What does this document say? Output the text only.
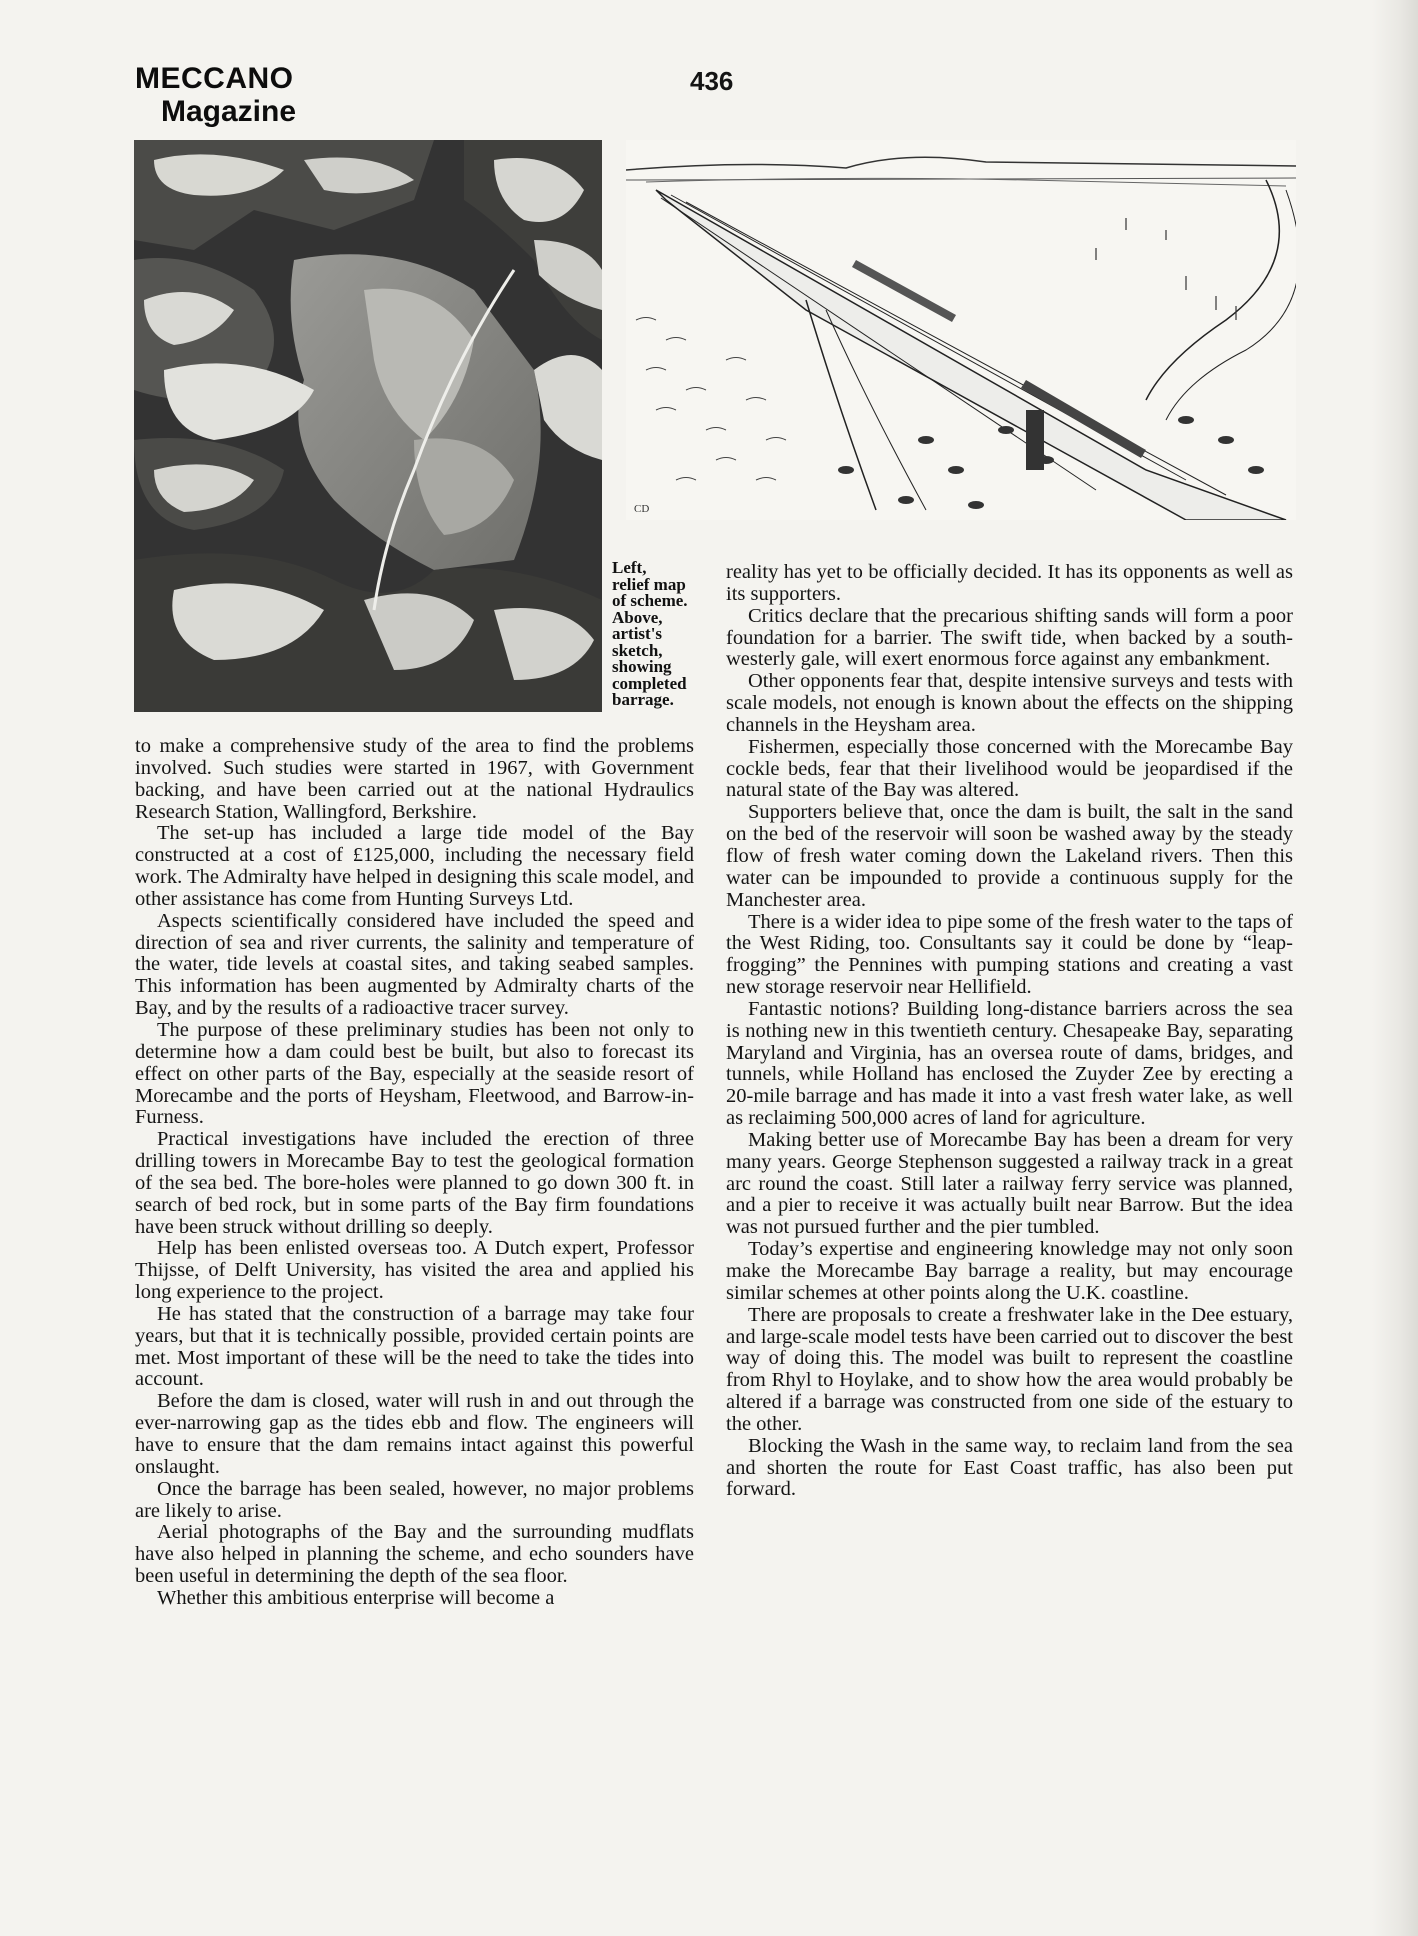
MECCANO
Magazine
436
CD
Left,
relief map
of scheme.
Above,
artist's
sketch,
showing
completed
barrage.

to make a comprehensive study of the area to find the problems involved. Such studies were started in 1967, with Government backing, and have been carried out at the national Hydraulics Research Station, Wallingford, Berkshire.

The set-up has included a large tide model of the Bay constructed at a cost of £125,000, including the necessary field work. The Admiralty have helped in designing this scale model, and other assistance has come from Hunting Surveys Ltd.

Aspects scientifically considered have included the speed and direction of sea and river currents, the salinity and temperature of the water, tide levels at coastal sites, and taking seabed samples. This information has been augmented by Admiralty charts of the Bay, and by the results of a radioactive tracer survey.

The purpose of these preliminary studies has been not only to determine how a dam could best be built, but also to forecast its effect on other parts of the Bay, especially at the seaside resort of Morecambe and the ports of Heysham, Fleetwood, and Barrow-in-Furness.

Practical investigations have included the erection of three drilling towers in Morecambe Bay to test the geological formation of the sea bed. The bore-holes were planned to go down 300 ft. in search of bed rock, but in some parts of the Bay firm foundations have been struck without drilling so deeply.

Help has been enlisted overseas too. A Dutch expert, Professor Thijsse, of Delft University, has visited the area and applied his long experience to the project.

He has stated that the construction of a barrage may take four years, but that it is technically possible, provided certain points are met. Most important of these will be the need to take the tides into account.

Before the dam is closed, water will rush in and out through the ever-narrowing gap as the tides ebb and flow. The engineers will have to ensure that the dam remains intact against this powerful onslaught.

Once the barrage has been sealed, however, no major problems are likely to arise.

Aerial photographs of the Bay and the surrounding mudflats have also helped in planning the scheme, and echo sounders have been useful in determining the depth of the sea floor.

Whether this ambitious enterprise will become a

reality has yet to be officially decided. It has its opponents as well as its supporters.

Critics declare that the precarious shifting sands will form a poor foundation for a barrier. The swift tide, when backed by a south-westerly gale, will exert enormous force against any embankment.

Other opponents fear that, despite intensive surveys and tests with scale models, not enough is known about the effects on the shipping channels in the Heysham area.

Fishermen, especially those concerned with the Morecambe Bay cockle beds, fear that their livelihood would be jeopardised if the natural state of the Bay was altered.

Supporters believe that, once the dam is built, the salt in the sand on the bed of the reservoir will soon be washed away by the steady flow of fresh water coming down the Lakeland rivers. Then this water can be impounded to provide a continuous supply for the Manchester area.

There is a wider idea to pipe some of the fresh water to the taps of the West Riding, too. Consultants say it could be done by “leap-frogging” the Pennines with pumping stations and creating a vast new storage reservoir near Hellifield.

Fantastic notions? Building long-distance barriers across the sea is nothing new in this twentieth century. Chesapeake Bay, separating Maryland and Virginia, has an oversea route of dams, bridges, and tunnels, while Holland has enclosed the Zuyder Zee by erecting a 20-mile barrage and has made it into a vast fresh water lake, as well as reclaiming 500,000 acres of land for agriculture.

Making better use of Morecambe Bay has been a dream for very many years. George Stephenson suggested a railway track in a great arc round the coast. Still later a railway ferry service was planned, and a pier to receive it was actually built near Barrow. But the idea was not pursued further and the pier tumbled.

Today’s expertise and engineering knowledge may not only soon make the Morecambe Bay barrage a reality, but may encourage similar schemes at other points along the U.K. coastline.

There are proposals to create a freshwater lake in the Dee estuary, and large-scale model tests have been carried out to discover the best way of doing this. The model was built to represent the coastline from Rhyl to Hoylake, and to show how the area would probably be altered if a barrage was constructed from one side of the estuary to the other.

Blocking the Wash in the same way, to reclaim land from the sea and shorten the route for East Coast traffic, has also been put forward.
